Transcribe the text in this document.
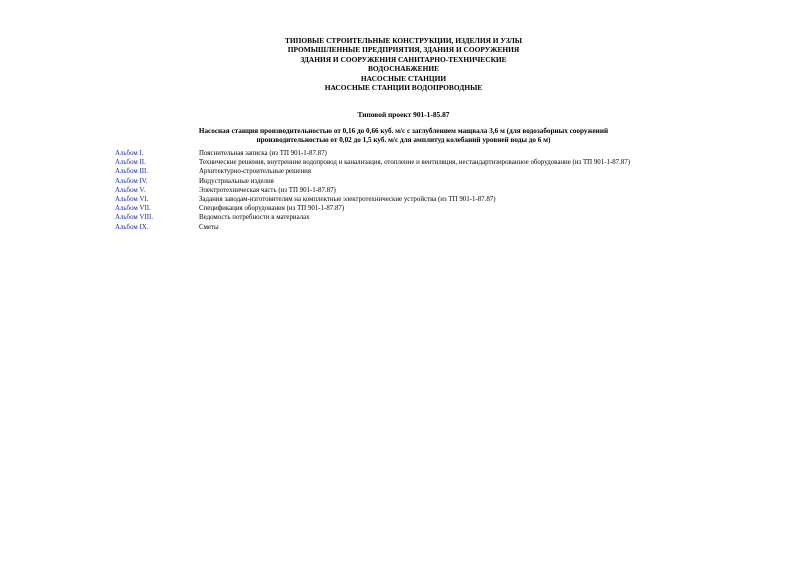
ТИПОВЫЕ СТРОИТЕЛЬНЫЕ КОНСТРУКЦИИ, ИЗДЕЛИЯ И УЗЛЫ
ПРОМЫШЛЕННЫЕ ПРЕДПРИЯТИЯ, ЗДАНИЯ И СООРУЖЕНИЯ
ЗДАНИЯ И СООРУЖЕНИЯ САНИТАРНО-ТЕХНИЧЕСКИЕ
ВОДОСНАБЖЕНИЕ
НАСОСНЫЕ СТАНЦИИ
НАСОСНЫЕ СТАНЦИИ ВОДОПРОВОДНЫЕ
Типовой проект 901-1-85.87
Насосная станция производительностью от 0,16 до 0,66 куб. м/с с заглублением мащвала 3,6 м (для водозаборных сооружений
производительностью от 0,02 до 1,5 куб. м/с для амплитуд колебаний уровней воды до 6 м)
Альбом I.	Пояснительная записка (из ТП 901-1-87.87)
Альбом II.	Технические решения, внутренние водопровод и канализация, отопление и вентиляция, нестандартизированное оборудование (из ТП 901-1-87.87)
Альбом III.	Архитектурно-строительные решения
Альбом IV.	Индустриальные изделия
Альбом V.	Электротехническая часть (из ТП 901-1-87.87)
Альбом VI.	Задания заводам-изготовителям на комплектные электротехнические устройства (из ТП 901-1-87.87)
Альбом VII.	Спецификация оборудования (из ТП 901-1-87.87)
Альбом VIII.	Ведомость потребности в материалах
Альбом IX.	Сметы
